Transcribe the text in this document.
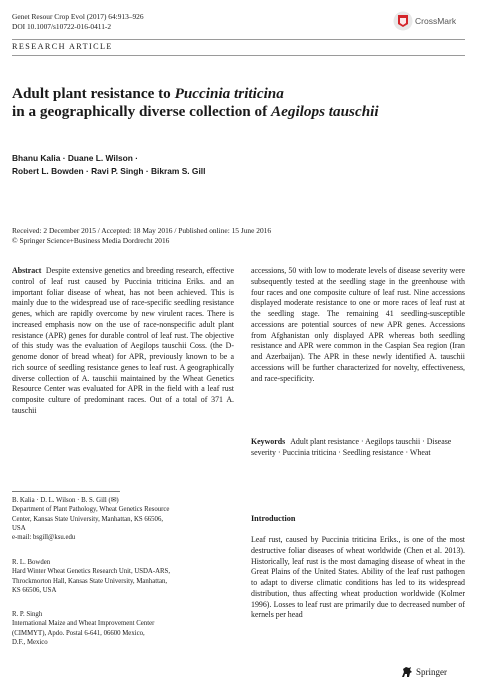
Genet Resour Crop Evol (2017) 64:913–926
DOI 10.1007/s10722-016-0411-2
CrossMark
RESEARCH ARTICLE
Adult plant resistance to Puccinia triticina
in a geographically diverse collection of Aegilops tauschii
Bhanu Kalia · Duane L. Wilson ·
Robert L. Bowden · Ravi P. Singh · Bikram S. Gill
Received: 2 December 2015 / Accepted: 18 May 2016 / Published online: 15 June 2016
© Springer Science+Business Media Dordrecht 2016
Abstract Despite extensive genetics and breeding research, effective control of leaf rust caused by Puccinia triticina Eriks. and an important foliar disease of wheat, has not been achieved. This is mainly due to the widespread use of race-specific seedling resistance genes, which are rapidly overcome by new virulent races. There is increased emphasis now on the use of race-nonspecific adult plant resistance (APR) genes for durable control of leaf rust. The objective of this study was the evaluation of Aegilops tauschii Coss. (the D-genome donor of bread wheat) for APR, previously known to be a rich source of seedling resistance genes to leaf rust. A geographically diverse collection of A. tauschii maintained by the Wheat Genetics Resource Center was evaluated for APR in the field with a leaf rust composite culture of predominant races. Out of a total of 371 A. tauschii
accessions, 50 with low to moderate levels of disease severity were subsequently tested at the seedling stage in the greenhouse with four races and one composite culture of leaf rust. Nine accessions displayed moderate resistance to one or more races of leaf rust at the seedling stage. The remaining 41 seedling-susceptible accessions are potential sources of new APR genes. Accessions from Afghanistan only displayed APR whereas both seedling resistance and APR were common in the Caspian Sea region (Iran and Azerbaijan). The APR in these newly identified A. tauschii accessions will be further characterized for novelty, effectiveness, and race-specificity.
Keywords Adult plant resistance · Aegilops tauschii · Disease severity · Puccinia triticina · Seedling resistance · Wheat
B. Kalia · D. L. Wilson · B. S. Gill (✉)
Department of Plant Pathology, Wheat Genetics Resource
Center, Kansas State University, Manhattan, KS 66506,
USA
e-mail: bsgill@ksu.edu
R. L. Bowden
Hard Winter Wheat Genetics Research Unit, USDA-ARS,
Throckmorton Hall, Kansas State University, Manhattan,
KS 66506, USA
R. P. Singh
International Maize and Wheat Improvement Center
(CIMMYT), Apdo. Postal 6-641, 06600 Mexico,
D.F., Mexico
Introduction
Leaf rust, caused by Puccinia triticina Eriks., is one of the most destructive foliar diseases of wheat worldwide (Chen et al. 2013). Historically, leaf rust is the most damaging disease of wheat in the Great Plains of the United States. Ability of the leaf rust pathogen to adapt to diverse climatic conditions has led to its widespread distribution, thus affecting wheat production worldwide (Kolmer 1996). Losses to leaf rust are primarily due to decreased number of kernels per head
Springer
